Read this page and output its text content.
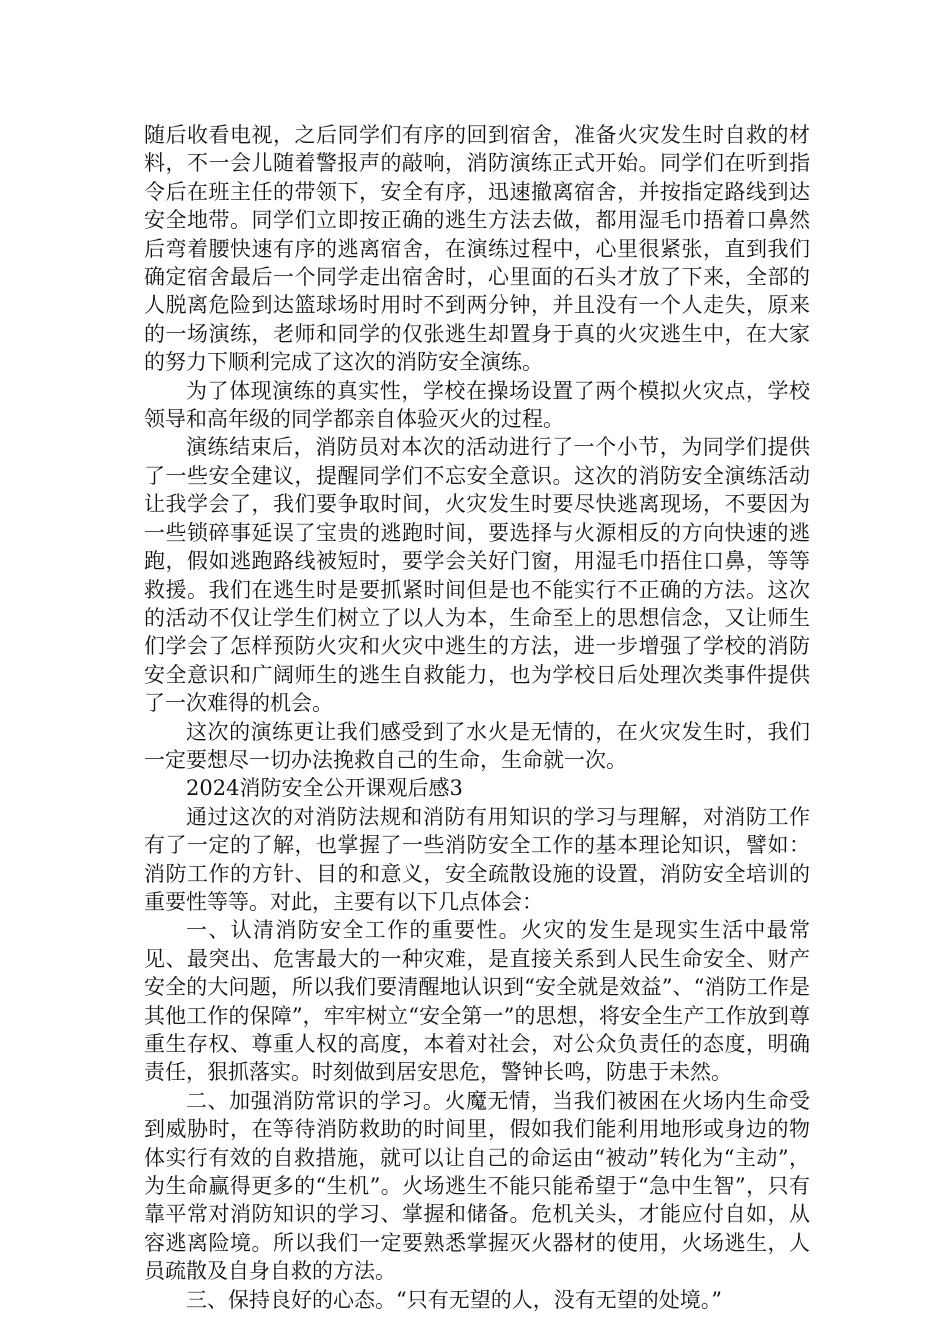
随后收看电视，之后同学们有序的回到宿舍，准备火灾发生时自救的材料，不一会儿随着警报声的敲响，消防演练正式开始。同学们在听到指令后在班主任的带领下，安全有序，迅速撤离宿舍，并按指定路线到达安全地带。同学们立即按正确的逃生方法去做，都用湿毛巾捂着口鼻然后弯着腰快速有序的逃离宿舍，在演练过程中，心里很紧张，直到我们确定宿舍最后一个同学走出宿舍时，心里面的石头才放了下来，全部的人脱离危险到达篮球场时用时不到两分钟，并且没有一个人走失，原来的一场演练，老师和同学的仅张逃生却置身于真的火灾逃生中，在大家的努力下顺利完成了这次的消防安全演练。

为了体现演练的真实性，学校在操场设置了两个模拟火灾点，学校领导和高年级的同学都亲自体验灭火的过程。

演练结束后，消防员对本次的活动进行了一个小节，为同学们提供了一些安全建议，提醒同学们不忘安全意识。这次的消防安全演练活动让我学会了，我们要争取时间，火灾发生时要尽快逃离现场，不要因为一些锁碎事延误了宝贵的逃跑时间，要选择与火源相反的方向快速的逃跑，假如逃跑路线被短时，要学会关好门窗，用湿毛巾捂住口鼻，等等救援。我们在逃生时是要抓紧时间但是也不能实行不正确的方法。这次的活动不仅让学生们树立了以人为本，生命至上的思想信念，又让师生们学会了怎样预防火灾和火灾中逃生的方法，进一步增强了学校的消防安全意识和广阔师生的逃生自救能力，也为学校日后处理次类事件提供了一次难得的机会。

这次的演练更让我们感受到了水火是无情的，在火灾发生时，我们一定要想尽一切办法挽救自己的生命，生命就一次。

2024消防安全公开课观后感3

通过这次的对消防法规和消防有用知识的学习与理解，对消防工作有了一定的了解，也掌握了一些消防安全工作的基本理论知识，譬如：消防工作的方针、目的和意义，安全疏散设施的设置，消防安全培训的重要性等等。对此，主要有以下几点体会：

一、认清消防安全工作的重要性。火灾的发生是现实生活中最常见、最突出、危害最大的一种灾难，是直接关系到人民生命安全、财产安全的大问题，所以我们要清醒地认识到“安全就是效益”、“消防工作是其他工作的保障”，牢牢树立“安全第一”的思想，将安全生产工作放到尊重生存权、尊重人权的高度，本着对社会，对公众负责任的态度，明确责任，狠抓落实。时刻做到居安思危，警钟长鸣，防患于未然。

二、加强消防常识的学习。火魔无情，当我们被困在火场内生命受到威胁时，在等待消防救助的时间里，假如我们能利用地形或身边的物体实行有效的自救措施，就可以让自己的命运由“被动”转化为“主动”，为生命赢得更多的“生机”。火场逃生不能只能希望于“急中生智”，只有靠平常对消防知识的学习、掌握和储备。危机关头，才能应付自如，从容逃离险境。所以我们一定要熟悉掌握灭火器材的使用，火场逃生，人员疏散及自身自救的方法。

三、保持良好的心态。“只有无望的人，没有无望的处境。”
